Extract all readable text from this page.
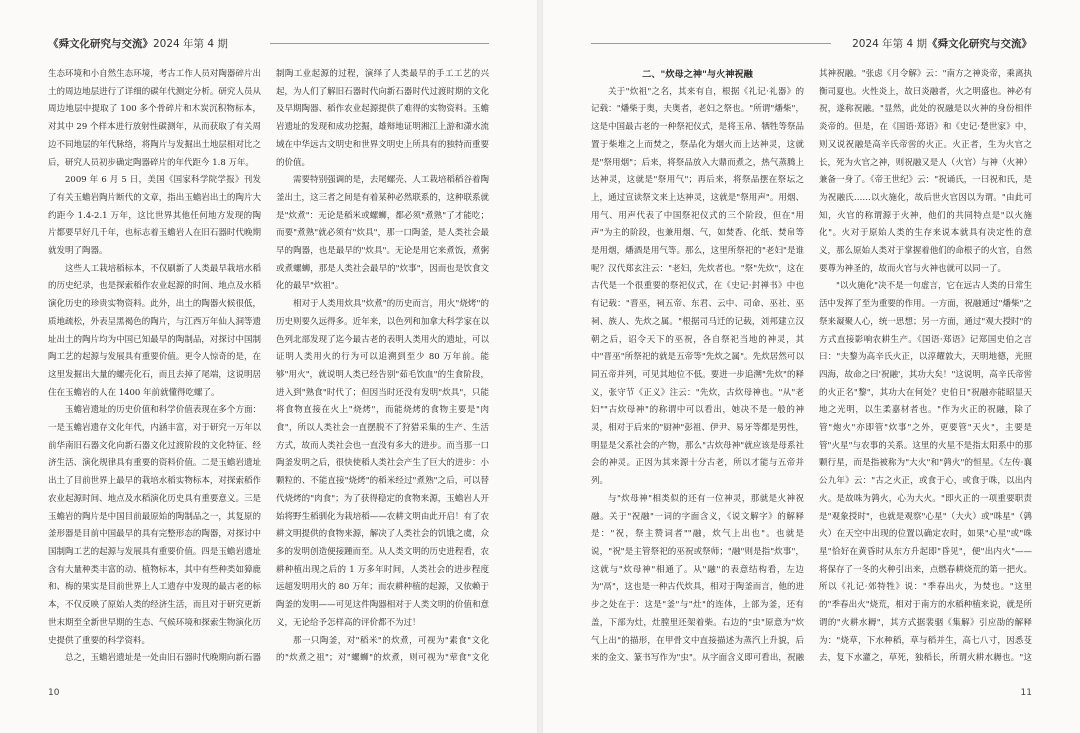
《舜文化研究与交流》2024 年第 4 期

生态环境和小自然生态环境，考古工作人员对陶器碎片出土的周边地层进行了详细的碳年代测定分析。研究人员从周边地层中提取了 100 多个骨碎片和木炭沉积物标本，对其中 29 个样本进行放射性碳测年，从而获取了有关周边不同地层的年代脉络，将陶片与发掘出土地层相对比之后，研究人员初步确定陶器碎片的年代距今 1.8 万年。

2009 年 6 月 5 日，美国《国家科学院学报》刊发了有关玉蟾岩陶片断代的文章，指出玉蟾岩出土的陶片大约距今 1.4-2.1 万年，这比世界其他任何地方发现的陶片都要早好几千年，也标志着玉蟾岩人在旧石器时代晚期就发明了陶器。

这些人工栽培稻标本，不仅刷新了人类最早栽培水稻的历史纪录，也是探索稻作农业起源的时间、地点及水稻演化历史的珍贵实物资料。此外，出土的陶器火候很低，质地疏松，外表呈黑褐色的陶片，与江西万年仙人洞等遗址出土的陶片均为中国已知最早的陶制品，对探讨中国制陶工艺的起源与发展具有重要价值。更令人惊奇的是，在这里发掘出大量的螺壳化石，而且去掉了尾端，这说明居住在玉蟾岩的人在 1400 年前就懂得吃螺了。

玉蟾岩遗址的历史价值和科学价值表现在多个方面：一是玉蟾岩遗存文化年代，内涵丰富，对于研究一万年以前华南旧石器文化向新石器文化过渡阶段的文化特征、经济生活、演化规律具有重要的资料价值。二是玉蟾岩遗址出土了目前世界上最早的栽培水稻实物标本，对探索稻作农业起源时间、地点及水稻演化历史具有重要意义。三是玉蟾岩的陶片是中国目前最原始的陶制品之一，其复原的釜形器是目前中国最早的具有完整形态的陶器，对探讨中国制陶工艺的起源与发展具有重要价值。四是玉蟾岩遗址含有大量种类丰富的动、植物标本，其中有些种类如獐鹿和、梅的果实是目前世界上人工遗存中发现的最古老的标本，不仅反映了原始人类的经济生活，而且对于研究更新世末期至全新世早期的生态、气候环境和探索生物演化历史提供了重要的科学资料。

总之，玉蟾岩遗址是一处由旧石器时代晚期向新石器

制陶工业起源的过程，演绎了人类最早的手工工艺的兴起，为人们了解旧石器时代向新石器时代过渡时期的文化及早期陶器、稻作农业起源提供了难得的实物资料。玉蟾岩遗址的发现和成功挖掘，雄辩地证明湘江上游和潇水流域在中华远古文明史和世界文明史上所具有的独特而重要的价值。

需要特别强调的是，去尾螺壳、人工栽培稻稻谷着陶釜出土，这三者之间是有着某种必然联系的，这种联系就是"炊煮"：无论是稻米或螺蛳，都必须"煮熟"了才能吃；而要"煮熟"就必须有"炊具"，那一口陶釜，是人类社会最早的陶器，也是最早的"炊具"。无论是用它来煮饭，煮粥或煮螺蛳，那是人类社会最早的"炊事"，因而也是饮食文化的最早"炊祖"。

相对于人类用炊具"炊煮"的历史而言，用火"烧烤"的历史则要久远得多。近年来，以色列和加拿大科学家在以色列北部发现了迄今最古老的表明人类用火的遗址，可以证明人类用火的行为可以追溯到至少 80 万年前。能够"用火"，就说明人类已经告别"茹毛饮血"的生食阶段，进入到"熟食"时代了；但因当时还没有发明"炊具"，只能将食物直接在火上"烧烤"，而能烧烤的食物主要是"肉食"，所以人类社会一直摆脱不了狩猎采集的生产、生活方式，故而人类社会也一直没有多大的进步。而当那一口陶釜发明之后，很快使稻人类社会产生了巨大的进步：小颗粒的、不能直接"烧烤"的稻米经过"煮熟"之后，可以替代烧烤的"肉食"；为了获得稳定的食物来源，玉蟾岩人开始将野生稻驯化为栽培稻——农耕文明由此开启！有了农耕文明提供的食物来源，解决了人类社会的饥饿之虞，众多的发明创造便接踵而至。从人类文明的历史进程看，农耕种植出现之后的 1 万多年时间，人类社会的进步程度远超发明用火的 80 万年；而农耕种植的起源，又依赖于陶釜的发明——可见这件陶器相对于人类文明的价值和意义，无论给予怎样高的评价都不为过！

那一只陶釜，对"稻米"的炊煮，可视为"素食"文化的"炊煮之祖"；对"螺蛳"的炊煮，则可视为"荤食"文化

10
2024 年第 4 期《舜文化研究与交流》
二、"炊母之神"与火神祝融

关于"炊祖"之名，其来有自，根据《礼记·礼器》的记载："燔柴于奥，夫奥者，老妇之祭也。"所谓"燔柴"，这是中国最古老的一种祭祀仪式，是将玉帛、牺牲等祭品置于柴堆之上而焚之，祭品化为烟火而上达神灵，这就是"祭用烟"；后来，将祭品放入大鼎而煮之，热气蒸腾上达神灵，这就是"祭用气"；再后来，将祭品摆在祭坛之上，通过宣读祭文来上达神灵，这就是"祭用声"。用烟、用气、用声代表了中国祭祀仪式的三个阶段，但在"用声"为主的阶段，也兼用烟、气，如焚香、化纸、焚帛等是用烟，燔酒是用气等。那么，这里所祭祀的"老妇"是谁呢？汉代郑玄注云："老妇，先炊者也。"祭"先炊"，这在古代是一个很重要的祭祀仪式，在《史记·封禅书》中也有记载："晋巫，祠五帝、东君、云中、司命、巫社、巫祠、族人、先炊之属。"根据司马迁的记载，刘邦建立汉朝之后，诏令天下的巫祝，各自祭祀当地的神灵，其中"晋巫"所祭祀的就是五帝等"先炊之属"。先炊居然可以同五帝并列，可见其地位不低。要进一步追溯"先炊"的释义，张守节《正义》注云："先炊，古炊母神也。"从"老妇""古炊母神"的称谓中可以看出，她决不是一般的神灵，相对于后来的"厨神"彭祖、伊尹、易牙等都是男性，明显是父系社会的产物，那么"古炊母神"就应该是母系社会的神灵。正因为其来源十分古老，所以才能与五帝并列。

与"炊母神"相类似的还有一位神灵，那就是火神祝融。关于"祝融"一词的字面含义，《说文解字》的解释是："祝，祭主赞词者""融，炊气上出也"。也就是说，"祝"是主管祭祀的巫祝或祭师；"融"则是指"炊事"，这就与"炊母神"相通了。从"融"的表意结构看，左边为"鬲"，这也是一种古代炊具，相对于陶釜而言，他的进步之处在于：这是"釜"与"灶"的连体，上部为釜，还有盖，下部为灶，灶膛里还架着柴。右边的"虫"原意为"炊气上出"的描形，在甲骨文中直接描述为蒸汽上升貌，后来的金文、篆书写作为"虫"。从字面含义即可看出，祝融

其神祝融。"张虑《月令解》云："南方之神炎帝，乘离执衡司夏也。火性炎上，故曰炎融者，火之明盛也。神必有祝，遂称祝融。"显然，此处的祝融是以火神的身份相伴炎帝的。但是，在《国语·郑语》和《史记·楚世家》中，则又说祝融是高辛氏帝喾的火正。火正者，生为火官之长，死为火官之神，则祝融又是人（火官）与神（火神）兼备一身了。《帝王世纪》云："祝诵氏，一曰祝和氏，是为祝融氏……以火施化，故后世火官因以为谓。"由此可知，火官的称谓源于火神，他们的共同特点是"以火施化"。火对于原始人类的生存来说本就具有决定性的意义，那么原始人类对于掌握着他们的命根子的火官，自然要尊为神圣的，故而火官与火神也就可以同一了。

"以火施化"决不是一句虚言，它在远古人类的日常生活中发挥了至为重要的作用。一方面，祝融通过"燔柴"之祭来凝聚人心，统一思想；另一方面，通过"观大授时"的方式直接影响农耕生产。《国语·郑语》记郑国史伯之言曰："夫黎为高辛氏火正，以淳耀敦大，天明地德，光照四海，故命之曰'祝融'，其功大矣！"这说明，高辛氏帝喾的火正名"黎"，其功大在何处？史伯日"祝融亦能昭显天地之光明，以生柔嘉材者也。"作为火正的祝融，除了管"炮火"亦即管"炊事"之外，更要管"天火"，主要是管"火星"与农事的关系。这里的火星不是指太阳系中的那颗行星，而是指被称为"大火"和"鹑火"的恒星。《左传·襄公九年》云："古之火正，或食于心，或食于咮，以出内火。是故咮为鹑火，心为大火。"即火正的一项重要职责是"观象授时"，也就是观察"心星"（大火）或"咮星"（鹑火）在天空中出现的位置以确定农时，如果"心星"或"咮星"恰好在黄昏时从东方升起即"昏见"，便"出内火"——将保存了一冬的火种引出来，点燃春耕烧荒的第一把火。所以《礼记·郊特牲》说："季春出火，为焚也。"这里的"季春出火"烧荒，相对于南方的水稻种植来说，就是所谓的"火耕水耨"，其方式据裴骃《集解》引应劭的解释为："烧草，下水种稻，草与稻并生，高七八寸，因悉芟去，复下水灌之，草死，独稻长，所谓火耕水耨也。"这

11
